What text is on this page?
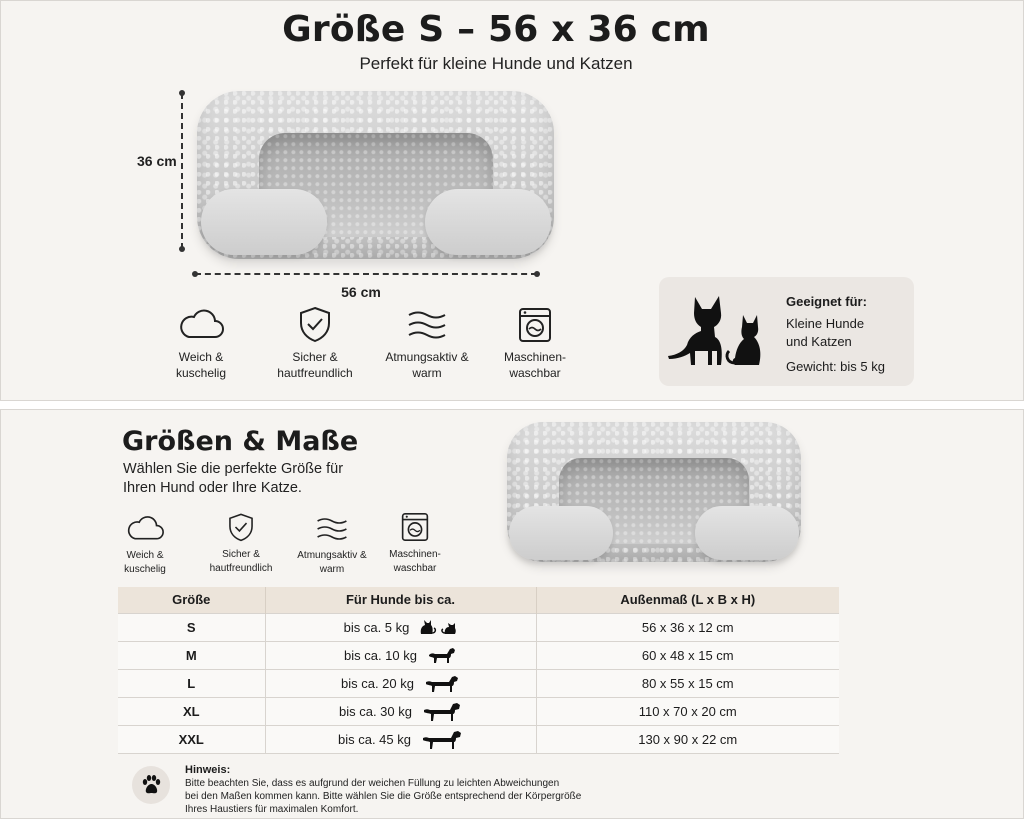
Größe S – 56 x 36 cm
Perfekt für kleine Hunde und Katzen
36 cm
56 cm
Weich &
kuschelig
Sicher &
hautfreundlich
Atmungsaktiv &
warm
Maschinen-
waschbar
Geeignet für:
Kleine Hunde
und Katzen
Gewicht: bis 5 kg
Größen & Maße
Wählen Sie die perfekte Größe für
Ihren Hund oder Ihre Katze.
Weich &
kuschelig
Sicher &
hautfreundlich
Atmungsaktiv &
warm
Maschinen-
waschbar
Größe	Für Hunde bis ca.	Außenmaß (L x B x H)
S	bis ca. 5 kg	56 x 36 x 12 cm
M	bis ca. 10 kg	60 x 48 x 15 cm
L	bis ca. 20 kg	80 x 55 x 15 cm
XL	bis ca. 30 kg	110 x 70 x 20 cm
XXL	bis ca. 45 kg	130 x 90 x 22 cm
Hinweis:
Bitte beachten Sie, dass es aufgrund der weichen Füllung zu leichten Abweichungen
bei den Maßen kommen kann. Bitte wählen Sie die Größe entsprechend der Körpergröße
Ihres Haustiers für maximalen Komfort.
